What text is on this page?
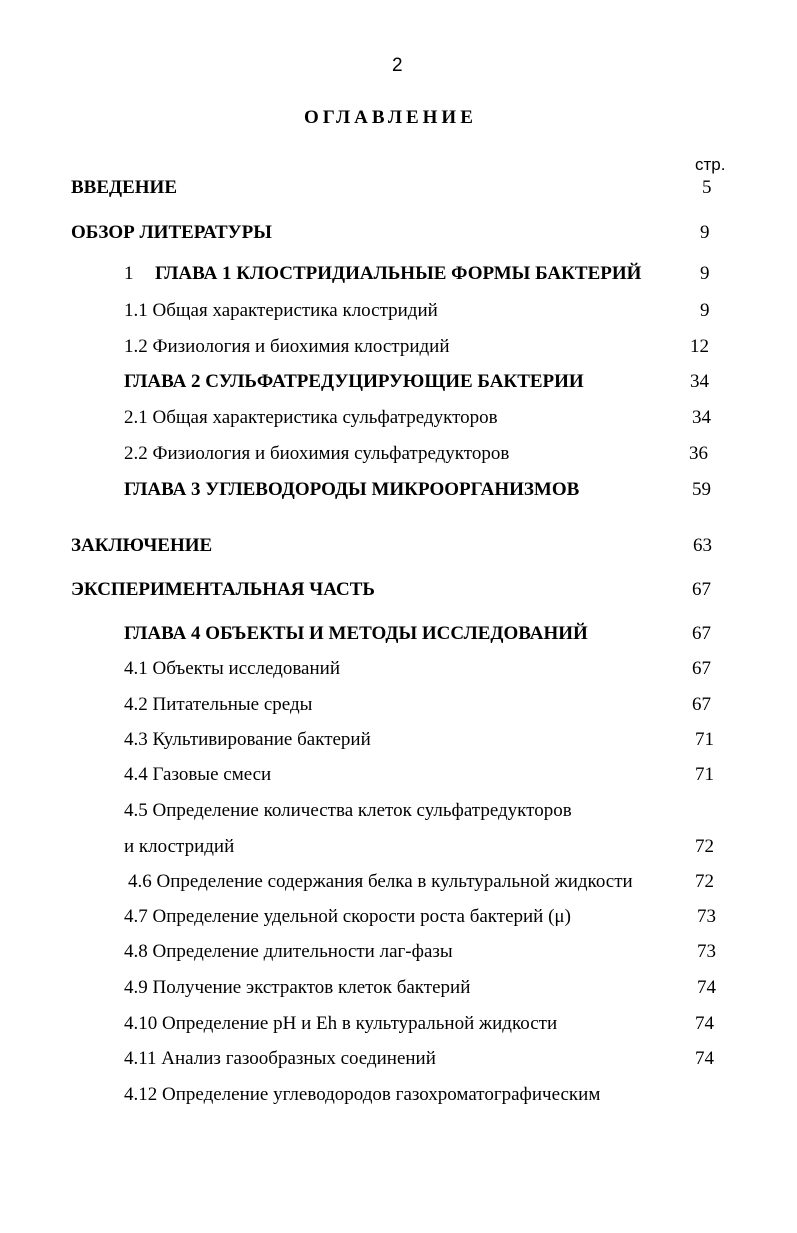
2
ОГЛАВЛЕНИЕ
стр.
ВВЕДЕНИЕ	5
ОБЗОР ЛИТЕРАТУРЫ	9
1 ГЛАВА 1 КЛОСТРИДИАЛЬНЫЕ ФОРМЫ БАКТЕРИЙ	9
1.1 Общая характеристика клостридий	9
1.2 Физиология и биохимия клостридий	12
ГЛАВА 2 СУЛЬФАТРЕДУЦИРУЮЩИЕ БАКТЕРИИ	34
2.1 Общая характеристика сульфатредукторов	34
2.2 Физиология и биохимия сульфатредукторов	36
ГЛАВА 3 УГЛЕВОДОРОДЫ МИКРООРГАНИЗМОВ	59
ЗАКЛЮЧЕНИЕ	63
ЭКСПЕРИМЕНТАЛЬНАЯ ЧАСТЬ	67
ГЛАВА 4 ОБЪЕКТЫ И МЕТОДЫ ИССЛЕДОВАНИЙ	67
4.1 Объекты исследований	67
4.2 Питательные среды	67
4.3 Культивирование бактерий	71
4.4 Газовые смеси	71
4.5 Определение количества клеток сульфатредукторов
и клостридий	72
4.6 Определение содержания белка в культуральной жидкости	72
4.7 Определение удельной скорости роста бактерий (μ)	73
4.8 Определение длительности лаг-фазы	73
4.9 Получение экстрактов клеток бактерий	74
4.10 Определение pH и Eh в культуральной жидкости	74
4.11 Анализ газообразных соединений	74
4.12 Определение углеводородов газохроматографическим
